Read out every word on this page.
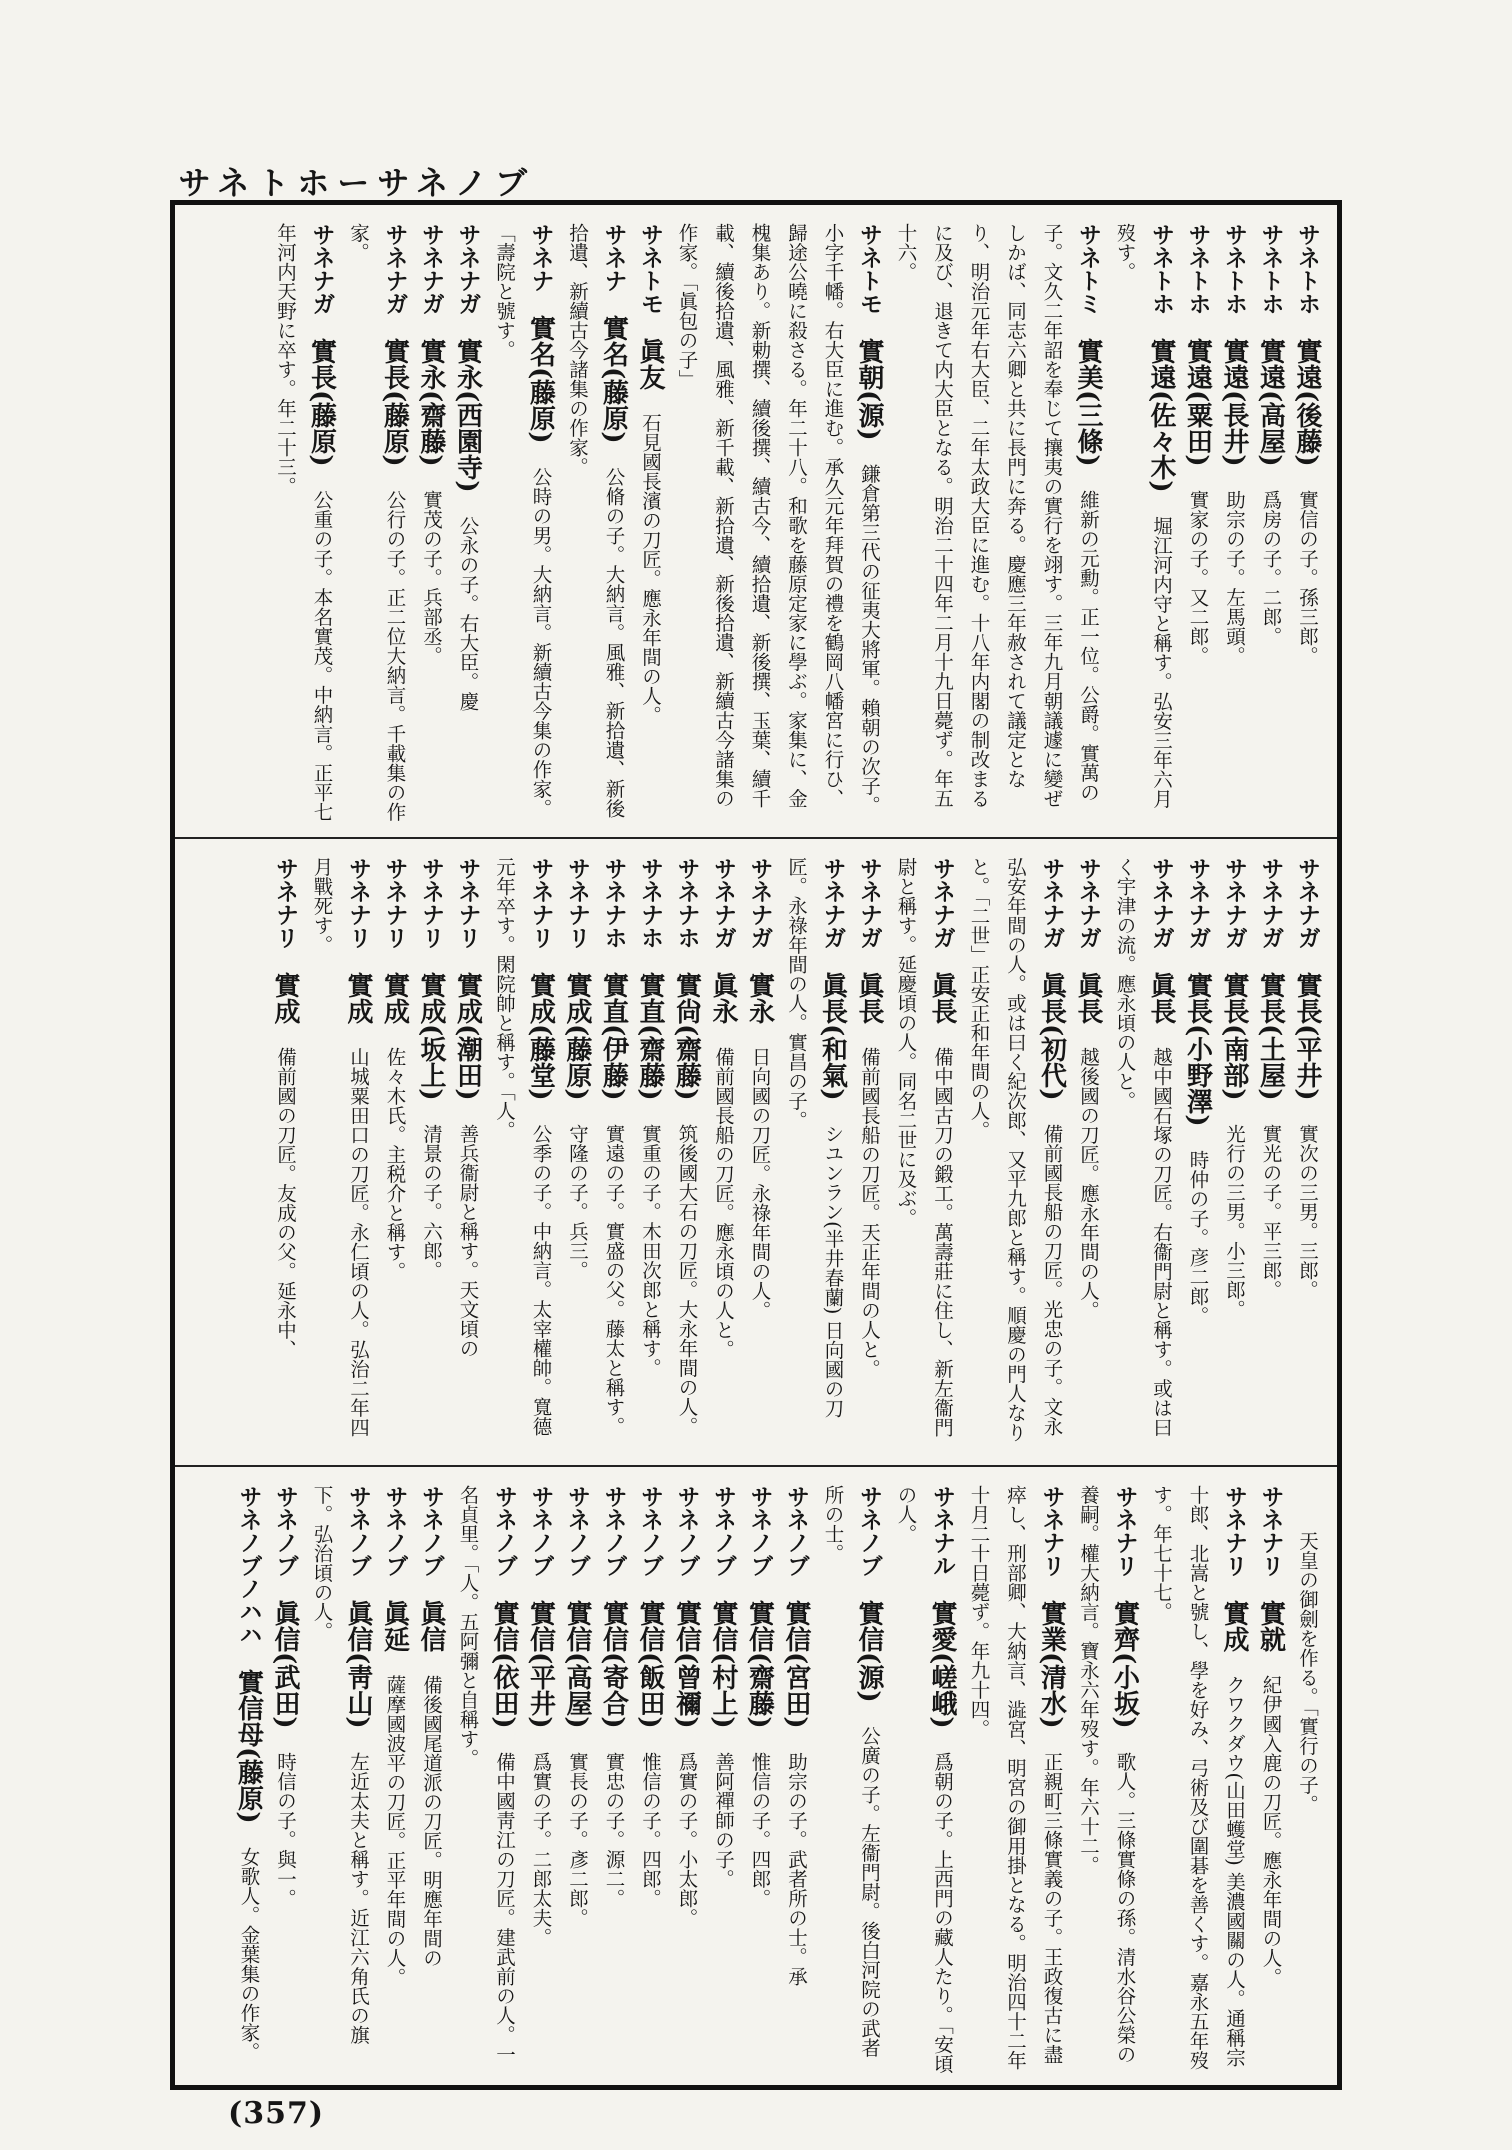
サネトホーサネノブ

サネトホ　實遠(後藤)　實信の子。孫三郎。

サネトホ　實遠(高屋)　爲房の子。二郎。

サネトホ　實遠(長井)　助宗の子。左馬頭。

サネトホ　實遠(粟田)　實家の子。又二郎。

サネトホ　實遠(佐々木)　堀江河内守と稱す。弘安三年六月歿す。

サネトミ　實美(三條)　維新の元勳。正一位。公爵。實萬の子。文久二年詔を奉じて攘夷の實行を翊す。三年九月朝議遽に變ぜしかば、同志六卿と共に長門に奔る。慶應三年赦されて議定となり、明治元年右大臣、二年太政大臣に進む。十八年内閣の制改まるに及び、退きて内大臣となる。明治二十四年二月十九日薨ず。年五十六。

サネトモ　實朝(源)　鎌倉第三代の征夷大將軍。賴朝の次子。小字千幡。右大臣に進む。承久元年拜賀の禮を鶴岡八幡宮に行ひ、歸途公曉に殺さる。年二十八。和歌を藤原定家に學ぶ。家集に、金槐集あり。新勅撰、續後撰、續古今、續拾遺、新後撰、玉葉、續千載、續後拾遺、風雅、新千載、新拾遺、新後拾遺、新續古今諸集の作家。「眞包の子」

サネトモ　眞友　石見國長濱の刀匠。應永年間の人。

サネナ　實名(藤原)　公脩の子。大納言。風雅、新拾遺、新後拾遺、新續古今諸集の作家。

サネナ　實名(藤原)　公時の男。大納言。新續古今集の作家。「壽院と號す。

サネナガ　實永(西園寺)　公永の子。右大臣。慶

サネナガ　實永(齋藤)　實茂の子。兵部丞。

サネナガ　實長(藤原)　公行の子。正二位大納言。千載集の作家。

サネナガ　實長(藤原)　公重の子。本名實茂。中納言。正平七年河内天野に卒す。年二十三。

サネナガ　實長(平井)　實次の三男。三郎。

サネナガ　實長(土屋)　實光の子。平三郎。

サネナガ　實長(南部)　光行の三男。小三郎。

サネナガ　實長(小野澤)　時仲の子。彦二郎。

サネナガ　眞長　越中國石塚の刀匠。右衞門尉と稱す。或は曰く宇津の流。應永頃の人と。

サネナガ　眞長　越後國の刀匠。應永年間の人。

サネナガ　眞長(初代)　備前國長船の刀匠。光忠の子。文永弘安年間の人。或は曰く紀次郎、又平九郎と稱す。順慶の門人なりと。「二世」正安正和年間の人。

サネナガ　眞長　備中國古刀の鍛工。萬壽莊に住し、新左衞門尉と稱す。延慶頃の人。同名二世に及ぶ。

サネナガ　眞長　備前國長船の刀匠。天正年間の人と。

サネナガ　眞長(和氣)　シユンラン(半井春蘭) 日向國の刀匠。永祿年間の人。實昌の子。

サネナガ　實永　日向國の刀匠。永祿年間の人。

サネナガ　眞永　備前國長船の刀匠。應永頃の人と。

サネナホ　實尙(齋藤)　筑後國大石の刀匠。大永年間の人。

サネナホ　實直(齋藤)　實重の子。木田次郎と稱す。

サネナホ　實直(伊藤)　實遠の子。實盛の父。藤太と稱す。

サネナリ　實成(藤原)　守隆の子。兵三。

サネナリ　實成(藤堂)　公季の子。中納言。太宰權帥。寬德元年卒す。閑院帥と稱す。「人。

サネナリ　實成(潮田)　善兵衞尉と稱す。天文頃の

サネナリ　實成(坂上)　清景の子。六郎。

サネナリ　實成　佐々木氏。主税介と稱す。

サネナリ　實成　山城粟田口の刀匠。永仁頃の人。弘治二年四月戰死す。

サネナリ　實成　備前國の刀匠。友成の父。延永中、

　　天皇の御劍を作る。「實行の子。

サネナリ　實就　紀伊國入鹿の刀匠。應永年間の人。

サネナリ　實成　クワクダウ(山田蠖堂) 美濃國關の人。通稱宗十郎、北嵩と號し、學を好み、弓術及び圍碁を善くす。嘉永五年歿す。年七十七。

サネナリ　實齊(小坂)　歌人。三條實條の孫。清水谷公榮の養嗣。權大納言。寶永六年歿す。年六十二。

サネナリ　實業(清水)　正親町三條實義の子。王政復古に盡瘁し、刑部卿、大納言、澁宮、明宮の御用掛となる。明治四十二年十月二十日薨ず。年九十四。

サネナル　實愛(嵯峨)　爲朝の子。上西門の藏人たり。「安頃の人。

サネノブ　實信(源)　公廣の子。左衞門尉。後白河院の武者所の士。

サネノブ　實信(宮田)　助宗の子。武者所の士。承

サネノブ　實信(齋藤)　惟信の子。四郎。

サネノブ　實信(村上)　善阿禪師の子。

サネノブ　實信(曾禰)　爲實の子。小太郎。

サネノブ　實信(飯田)　惟信の子。四郎。

サネノブ　實信(寄合)　實忠の子。源二。

サネノブ　實信(高屋)　實長の子。彥二郎。

サネノブ　實信(平井)　爲實の子。二郎太夫。

サネノブ　實信(依田)　備中國靑江の刀匠。建武前の人。一名貞里。「人。五阿彌と自稱す。

サネノブ　眞信　備後國尾道派の刀匠。明應年間の

サネノブ　眞延　薩摩國波平の刀匠。正平年間の人。

サネノブ　眞信(靑山)　左近太夫と稱す。近江六角氏の旗下。弘治頃の人。

サネノブ　眞信(武田)　時信の子。與一。

サネノブノハハ　實信母(藤原)　女歌人。金葉集の作家。

(357)
